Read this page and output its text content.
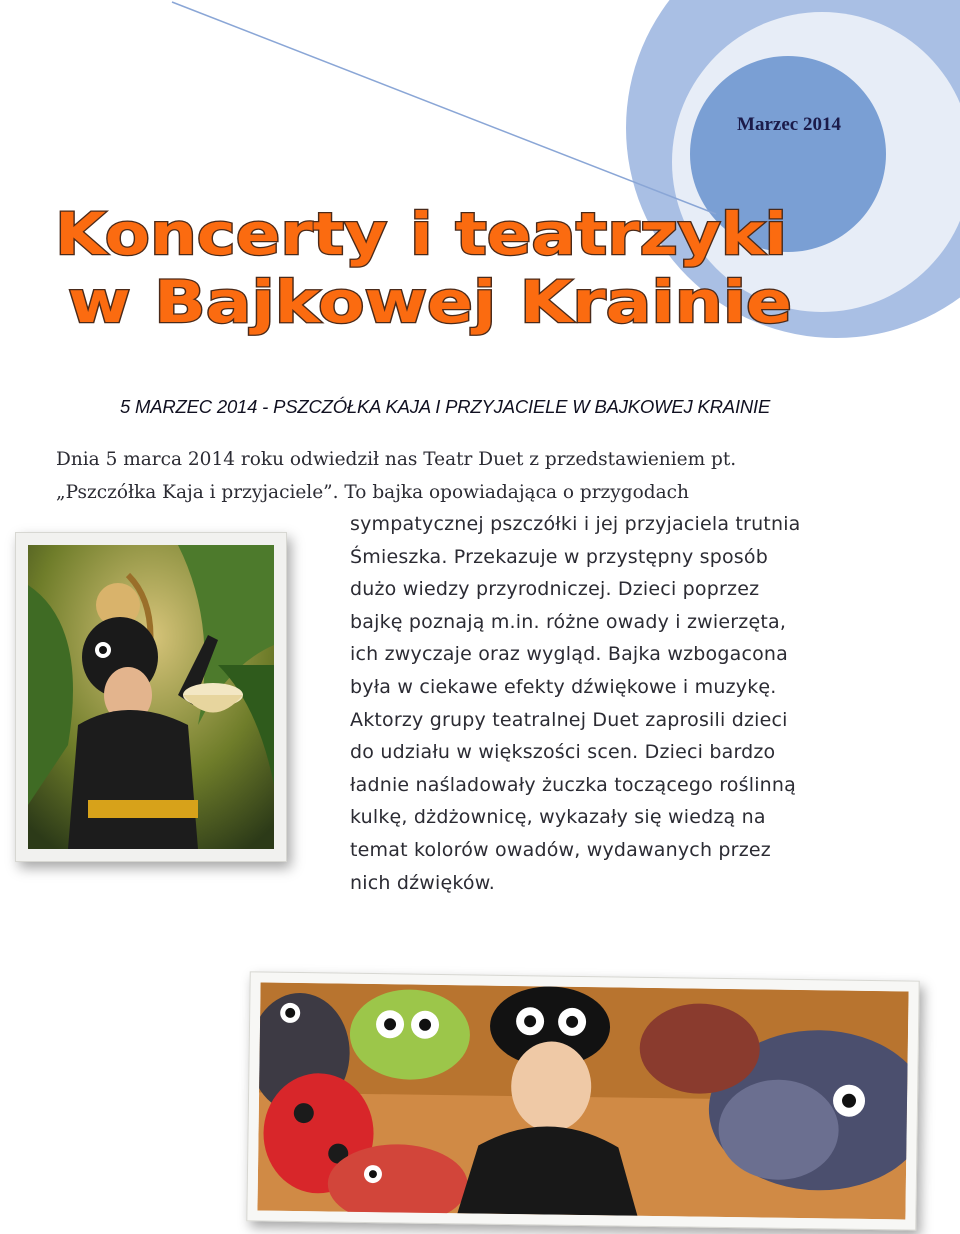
Marzec 2014
Koncerty i teatrzyki
w Bajkowej Krainie
5 MARZEC 2014 - PSZCZÓŁKA KAJA I PRZYJACIELE W BAJKOWEJ KRAINIE
Dnia 5 marca 2014 roku odwiedził nas Teatr Duet z przedstawieniem pt.
„Pszczółka Kaja i przyjaciele”. To bajka opowiadająca o przygodach
sympatycznej pszczółki i jej przyjaciela trutnia
Śmieszka. Przekazuje w przystępny sposób
dużo wiedzy przyrodniczej. Dzieci poprzez
bajkę poznają m.in. różne owady i zwierzęta,
ich zwyczaje oraz wygląd. Bajka wzbogacona
była w ciekawe efekty dźwiękowe i muzykę.
Aktorzy grupy teatralnej Duet zaprosili dzieci
do udziału w większości scen. Dzieci bardzo
ładnie naśladowały żuczka toczącego roślinną
kulkę, dżdżownicę, wykazały się wiedzą na
temat kolorów owadów, wydawanych przez
nich dźwięków.
